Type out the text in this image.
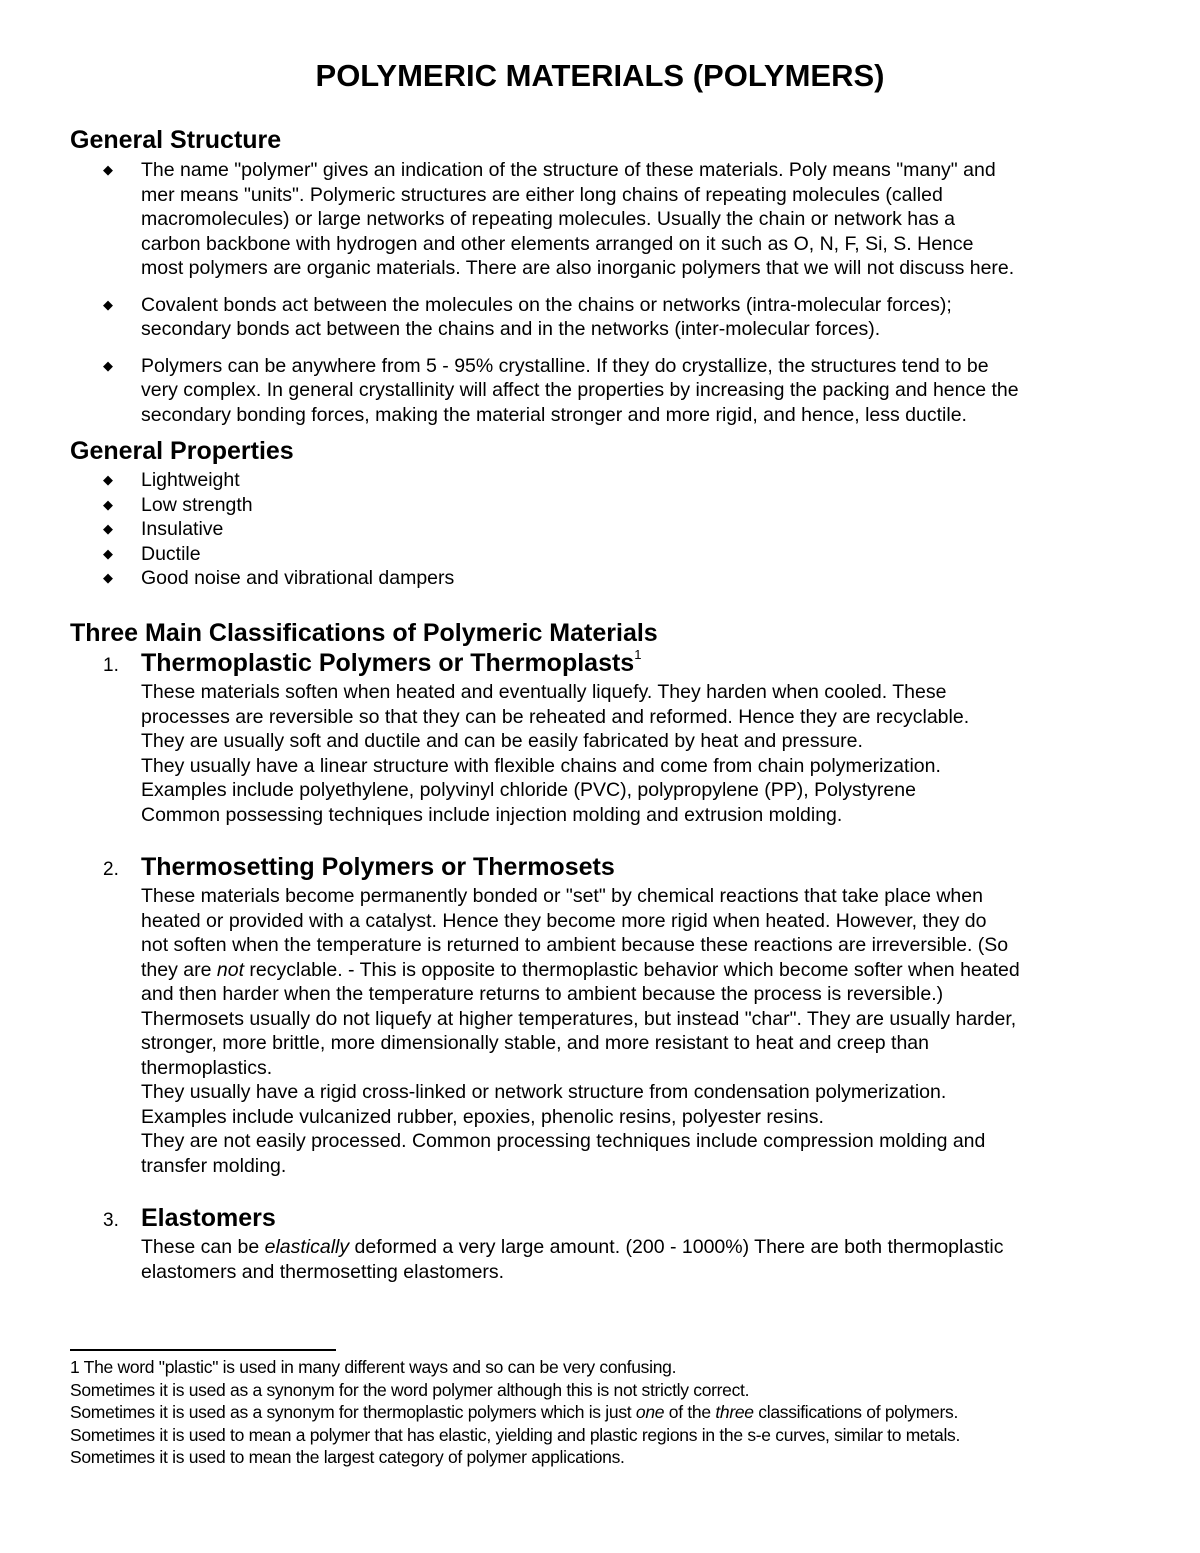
POLYMERIC MATERIALS (POLYMERS)
General Structure
◆ The name "polymer" gives an indication of the structure of these materials. Poly means "many" and
mer means "units". Polymeric structures are either long chains of repeating molecules (called
macromolecules) or large networks of repeating molecules. Usually the chain or network has a
carbon backbone with hydrogen and other elements arranged on it such as O, N, F, Si, S. Hence
most polymers are organic materials. There are also inorganic polymers that we will not discuss here.
◆ Covalent bonds act between the molecules on the chains or networks (intra-molecular forces);
secondary bonds act between the chains and in the networks (inter-molecular forces).
◆ Polymers can be anywhere from 5 - 95% crystalline. If they do crystallize, the structures tend to be
very complex. In general crystallinity will affect the properties by increasing the packing and hence the
secondary bonding forces, making the material stronger and more rigid, and hence, less ductile.
General Properties
◆ Lightweight
◆ Low strength
◆ Insulative
◆ Ductile
◆ Good noise and vibrational dampers
Three Main Classifications of Polymeric Materials
1. Thermoplastic Polymers or Thermoplasts$^1$
These materials soften when heated and eventually liquefy. They harden when cooled. These
processes are reversible so that they can be reheated and reformed. Hence they are recyclable.
They are usually soft and ductile and can be easily fabricated by heat and pressure.
They usually have a linear structure with flexible chains and come from chain polymerization.
Examples include polyethylene, polyvinyl chloride (PVC), polypropylene (PP), Polystyrene
Common possessing techniques include injection molding and extrusion molding.
2. Thermosetting Polymers or Thermosets
These materials become permanently bonded or "set" by chemical reactions that take place when
heated or provided with a catalyst. Hence they become more rigid when heated. However, they do
not soften when the temperature is returned to ambient because these reactions are irreversible. (So
they are not recyclable. - This is opposite to thermoplastic behavior which become softer when heated
and then harder when the temperature returns to ambient because the process is reversible.)
Thermosets usually do not liquefy at higher temperatures, but instead "char". They are usually harder,
stronger, more brittle, more dimensionally stable, and more resistant to heat and creep than
thermoplastics.
They usually have a rigid cross-linked or network structure from condensation polymerization.
Examples include vulcanized rubber, epoxies, phenolic resins, polyester resins.
They are not easily processed. Common processing techniques include compression molding and
transfer molding.
3. Elastomers
These can be elastically deformed a very large amount. (200 - 1000%) There are both thermoplastic
elastomers and thermosetting elastomers.
1 The word "plastic" is used in many different ways and so can be very confusing.
Sometimes it is used as a synonym for the word polymer although this is not strictly correct.
Sometimes it is used as a synonym for thermoplastic polymers which is just one of the three classifications of polymers.
Sometimes it is used to mean a polymer that has elastic, yielding and plastic regions in the s-e curves, similar to metals.
Sometimes it is used to mean the largest category of polymer applications.
